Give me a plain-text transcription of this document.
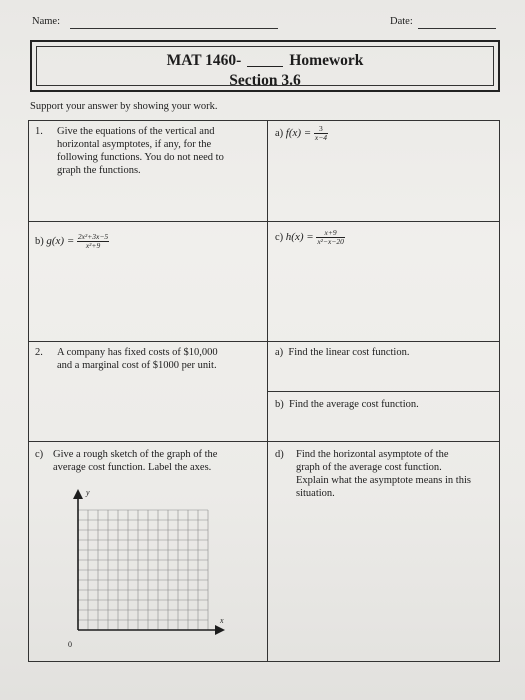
Name:	Date:
MAT 1460-	Homework
Section 3.6
Support your answer by showing your work.
1. Give the equations of the vertical and
horizontal asymptotes, if any, for the
following functions. You do not need to
graph the functions.
a) $f(x) = \frac{3}{x-4}$
b) $g(x) = \frac{\text{2x²+3x−5}}{\text{x²+9}}$	c) $h(x) = \frac{x+9}{\text{x²−x−20}}$
2. A company has fixed costs of $10,000
and a marginal cost of $1000 per unit.
a) Find the linear cost function.
b) Find the average cost function.
c) Give a rough sketch of the graph of the
average cost function. Label the axes.
d) Find the horizontal asymptote of the
graph of the average cost function.
Explain what the asymptote means in this
situation.
y
x
0
